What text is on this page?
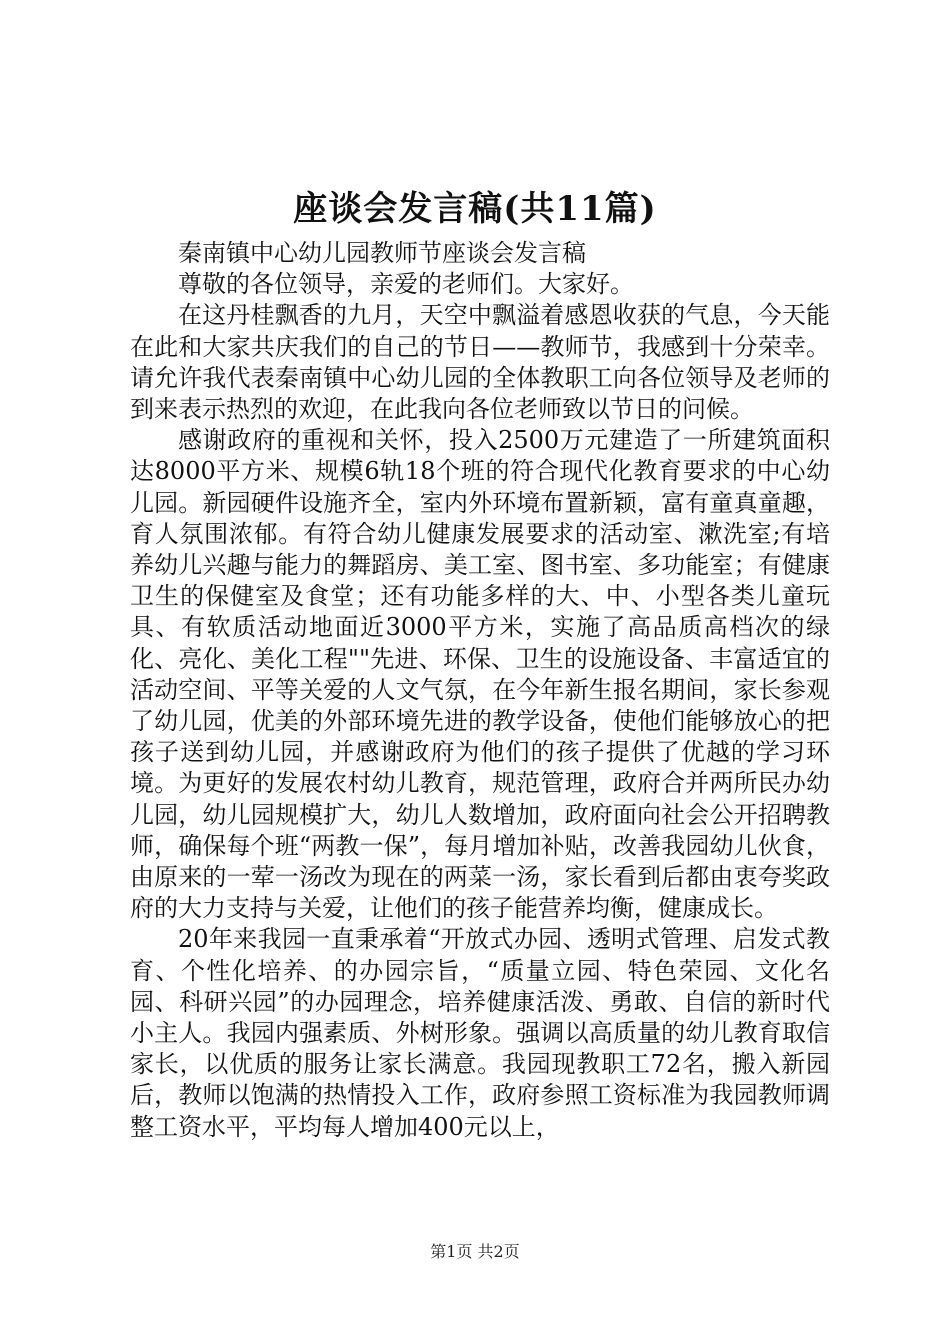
座谈会发言稿(共11篇)

秦南镇中心幼儿园教师节座谈会发言稿

尊敬的各位领导，亲爱的老师们。大家好。

在这丹桂飘香的九月，天空中飘溢着感恩收获的气息，今天能在此和大家共庆我们的自己的节日——教师节，我感到十分荣幸。请允许我代表秦南镇中心幼儿园的全体教职工向各位领导及老师的到来表示热烈的欢迎，在此我向各位老师致以节日的问候。

感谢政府的重视和关怀，投入2500万元建造了一所建筑面积达8000平方米、规模6轨18个班的符合现代化教育要求的中心幼儿园。新园硬件设施齐全，室内外环境布置新颖，富有童真童趣，育人氛围浓郁。有符合幼儿健康发展要求的活动室、漱洗室;有培养幼儿兴趣与能力的舞蹈房、美工室、图书室、多功能室；有健康卫生的保健室及食堂；还有功能多样的大、中、小型各类儿童玩具、有软质活动地面近3000平方米，实施了高品质高档次的绿化、亮化、美化工程""先进、环保、卫生的设施设备、丰富适宜的活动空间、平等关爱的人文气氛，在今年新生报名期间，家长参观了幼儿园，优美的外部环境先进的教学设备，使他们能够放心的把孩子送到幼儿园，并感谢政府为他们的孩子提供了优越的学习环境。为更好的发展农村幼儿教育，规范管理，政府合并两所民办幼儿园，幼儿园规模扩大，幼儿人数增加，政府面向社会公开招聘教师，确保每个班“两教一保”，每月增加补贴，改善我园幼儿伙食，由原来的一荤一汤改为现在的两菜一汤，家长看到后都由衷夸奖政府的大力支持与关爱，让他们的孩子能营养均衡，健康成长。

20年来我园一直秉承着“开放式办园、透明式管理、启发式教育、个性化培养、的办园宗旨，“质量立园、特色荣园、文化名园、科研兴园”的办园理念，培养健康活泼、勇敢、自信的新时代小主人。我园内强素质、外树形象。强调以高质量的幼儿教育取信家长，以优质的服务让家长满意。我园现教职工72名，搬入新园后，教师以饱满的热情投入工作，政府参照工资标准为我园教师调整工资水平，平均每人增加400元以上，

第1页 共2页
